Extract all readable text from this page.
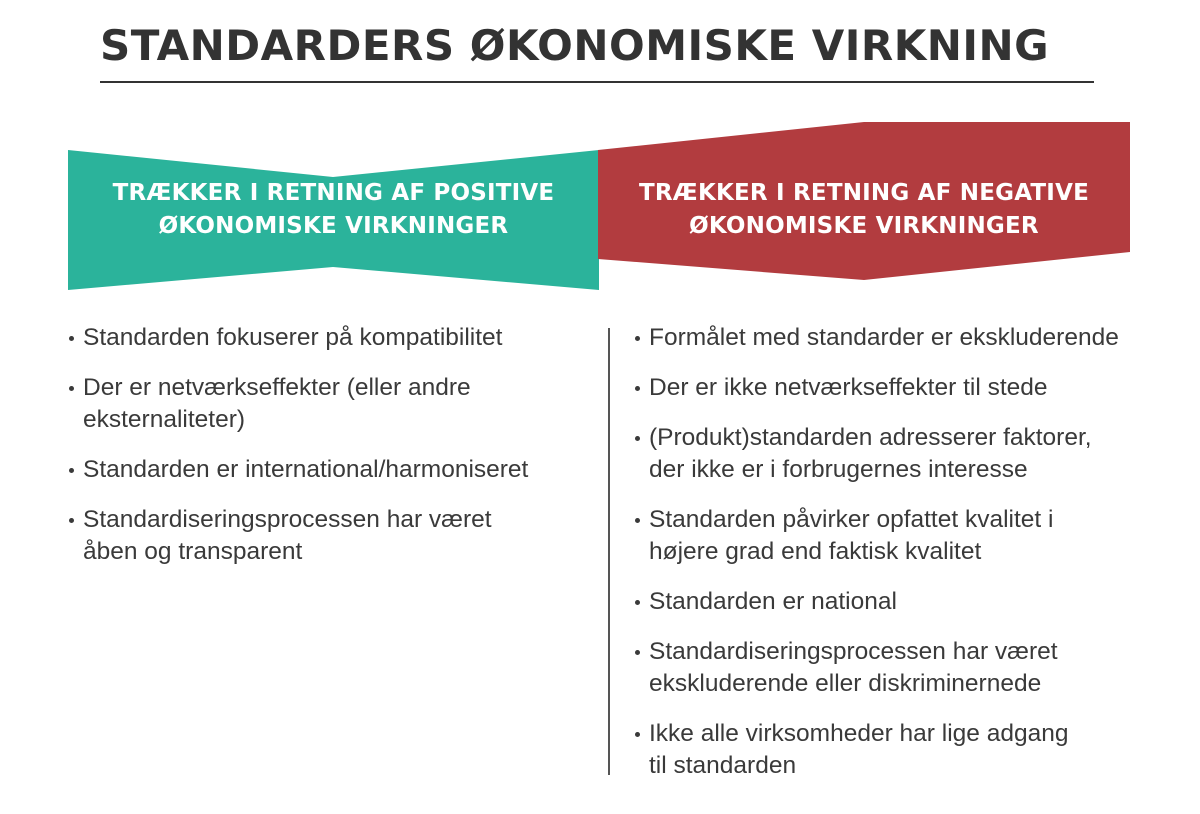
STANDARDERS ØKONOMISKE VIRKNING
TRÆKKER I RETNING AF POSITIVE
ØKONOMISKE VIRKNINGER
TRÆKKER I RETNING AF NEGATIVE
ØKONOMISKE VIRKNINGER
Standarden fokuserer på kompatibilitet
Der er netværkseffekter (eller andre
eksternaliteter)
Standarden er international/harmoniseret
Standardiseringsprocessen har været
åben og transparent
Formålet med standarder er ekskluderende
Der er ikke netværkseffekter til stede
(Produkt)standarden adresserer faktorer,
der ikke er i forbrugernes interesse
Standarden påvirker opfattet kvalitet i
højere grad end faktisk kvalitet
Standarden er national
Standardiseringsprocessen har været
ekskluderende eller diskriminernede
Ikke alle virksomheder har lige adgang
til standarden
